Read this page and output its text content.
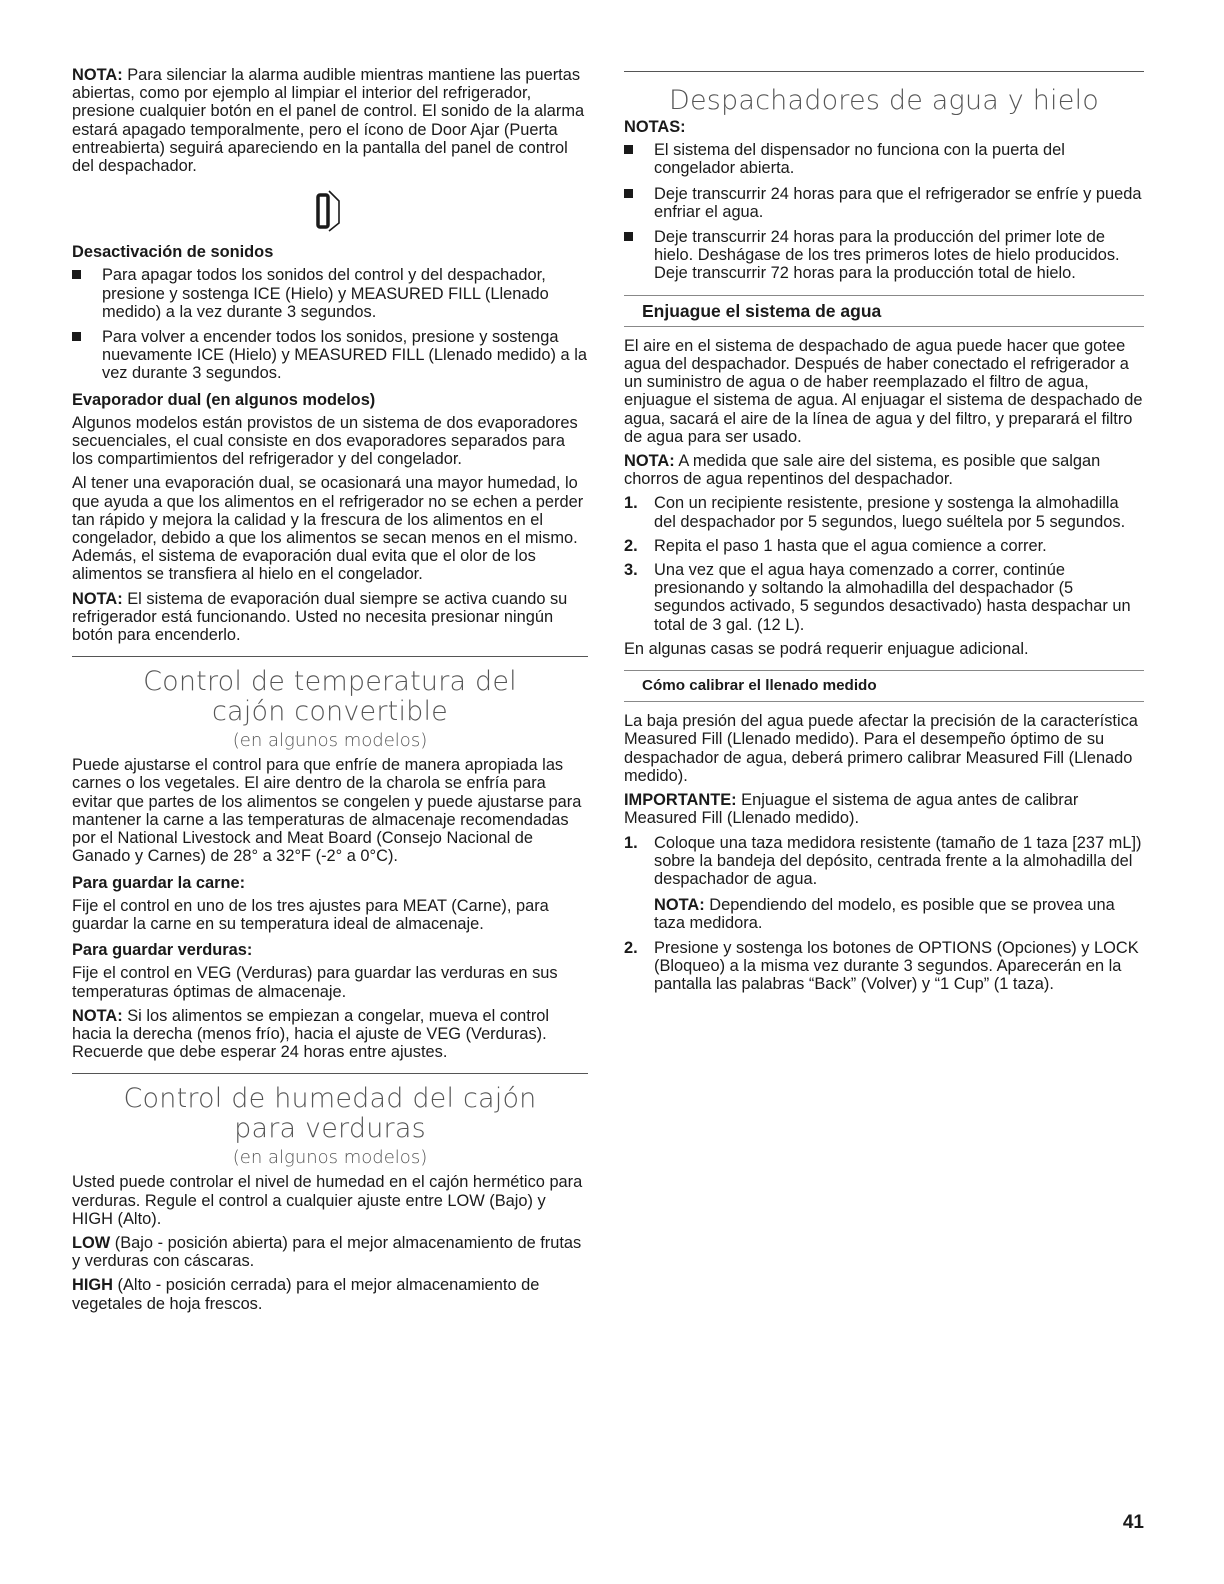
NOTA: Para silenciar la alarma audible mientras mantiene las puertas abiertas, como por ejemplo al limpiar el interior del refrigerador, presione cualquier botón en el panel de control. El sonido de la alarma estará apagado temporalmente, pero el ícono de Door Ajar (Puerta entreabierta) seguirá apareciendo en la pantalla del panel de control del despachador.

Desactivación de sonidos
Para apagar todos los sonidos del control y del despachador, presione y sostenga ICE (Hielo) y MEASURED FILL (Llenado medido) a la vez durante 3 segundos.
Para volver a encender todos los sonidos, presione y sostenga nuevamente ICE (Hielo) y MEASURED FILL (Llenado medido) a la vez durante 3 segundos.
Evaporador dual (en algunos modelos)

Algunos modelos están provistos de un sistema de dos evaporadores secuenciales, el cual consiste en dos evaporadores separados para los compartimientos del refrigerador y del congelador.

Al tener una evaporación dual, se ocasionará una mayor humedad, lo que ayuda a que los alimentos en el refrigerador no se echen a perder tan rápido y mejora la calidad y la frescura de los alimentos en el congelador, debido a que los alimentos se secan menos en el mismo. Además, el sistema de evaporación dual evita que el olor de los alimentos se transfiera al hielo en el congelador.

NOTA: El sistema de evaporación dual siempre se activa cuando su refrigerador está funcionando. Usted no necesita presionar ningún botón para encenderlo.

Control de temperatura del
cajón convertible
(en algunos modelos)

Puede ajustarse el control para que enfríe de manera apropiada las carnes o los vegetales. El aire dentro de la charola se enfría para evitar que partes de los alimentos se congelen y puede ajustarse para mantener la carne a las temperaturas de almacenaje recomendadas por el National Livestock and Meat Board (Consejo Nacional de Ganado y Carnes) de 28° a 32°F (-2° a 0°C).

Para guardar la carne:

Fije el control en uno de los tres ajustes para MEAT (Carne), para guardar la carne en su temperatura ideal de almacenaje.

Para guardar verduras:

Fije el control en VEG (Verduras) para guardar las verduras en sus temperaturas óptimas de almacenaje.

NOTA: Si los alimentos se empiezan a congelar, mueva el control hacia la derecha (menos frío), hacia el ajuste de VEG (Verduras). Recuerde que debe esperar 24 horas entre ajustes.

Control de humedad del cajón
para verduras
(en algunos modelos)

Usted puede controlar el nivel de humedad en el cajón hermético para verduras. Regule el control a cualquier ajuste entre LOW (Bajo) y HIGH (Alto).

LOW (Bajo - posición abierta) para el mejor almacenamiento de frutas y verduras con cáscaras.

HIGH (Alto - posición cerrada) para el mejor almacenamiento de vegetales de hoja frescos.

Despachadores de agua y hielo
NOTAS:
El sistema del dispensador no funciona con la puerta del congelador abierta.
Deje transcurrir 24 horas para que el refrigerador se enfríe y pueda enfriar el agua.
Deje transcurrir 24 horas para la producción del primer lote de hielo. Deshágase de los tres primeros lotes de hielo producidos. Deje transcurrir 72 horas para la producción total de hielo.
Enjuague el sistema de agua

El aire en el sistema de despachado de agua puede hacer que gotee agua del despachador. Después de haber conectado el refrigerador a un suministro de agua o de haber reemplazado el filtro de agua, enjuague el sistema de agua. Al enjuagar el sistema de despachado de agua, sacará el aire de la línea de agua y del filtro, y preparará el filtro de agua para ser usado.

NOTA: A medida que sale aire del sistema, es posible que salgan chorros de agua repentinos del despachador.

1. Con un recipiente resistente, presione y sostenga la almohadilla del despachador por 5 segundos, luego suéltela por 5 segundos.
2. Repita el paso 1 hasta que el agua comience a correr.
3. Una vez que el agua haya comenzado a correr, continúe presionando y soltando la almohadilla del despachador (5 segundos activado, 5 segundos desactivado) hasta despachar un total de 3 gal. (12 L).

En algunas casas se podrá requerir enjuague adicional.

Cómo calibrar el llenado medido

La baja presión del agua puede afectar la precisión de la característica Measured Fill (Llenado medido). Para el desempeño óptimo de su despachador de agua, deberá primero calibrar Measured Fill (Llenado medido).

IMPORTANTE: Enjuague el sistema de agua antes de calibrar Measured Fill (Llenado medido).

1. Coloque una taza medidora resistente (tamaño de 1 taza [237 mL]) sobre la bandeja del depósito, centrada frente a la almohadilla del despachador de agua.

NOTA: Dependiendo del modelo, es posible que se provea una taza medidora.

2. Presione y sostenga los botones de OPTIONS (Opciones) y LOCK (Bloqueo) a la misma vez durante 3 segundos. Aparecerán en la pantalla las palabras “Back” (Volver) y “1 Cup” (1 taza).
41
